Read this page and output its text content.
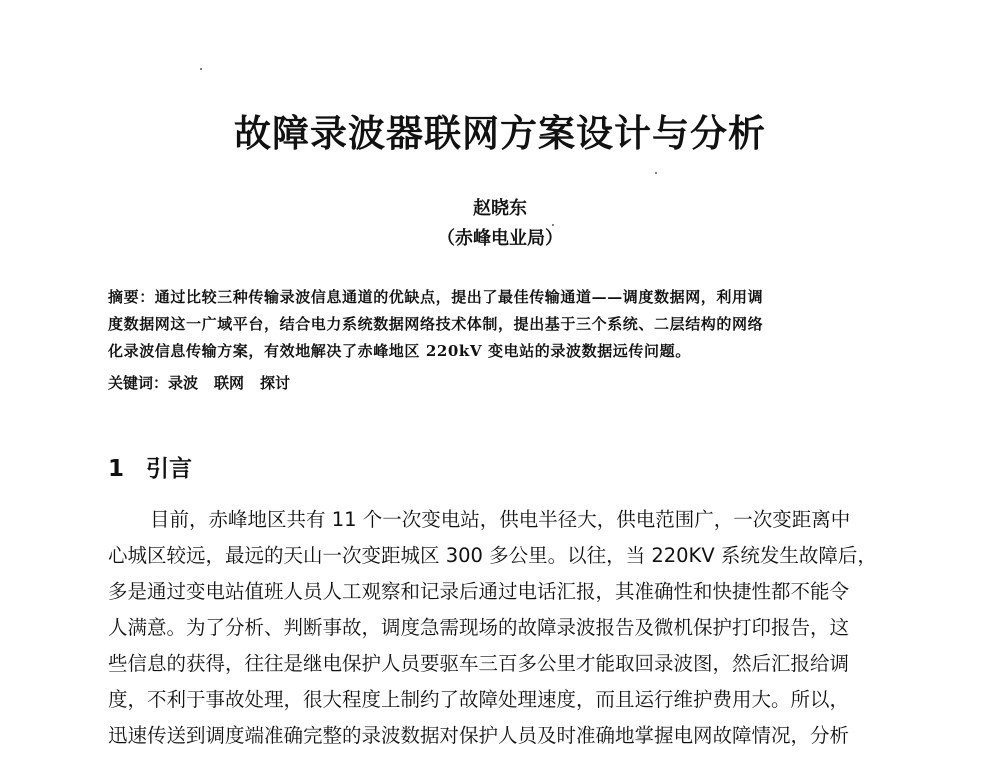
故障录波器联网方案设计与分析
赵晓东
（赤峰电业局）
摘要：通过比较三种传输录波信息通道的优缺点，提出了最佳传输通道——调度数据网，利用调
度数据网这一广域平台，结合电力系统数据网络技术体制，提出基于三个系统、二层结构的网络
化录波信息传输方案，有效地解决了赤峰地区 220kV 变电站的录波数据远传问题。
关键词：录波 联网 探讨
1 引言
目前，赤峰地区共有 11 个一次变电站，供电半径大，供电范围广，一次变距离中
心城区较远，最远的天山一次变距城区 300 多公里。以往，当 220KV 系统发生故障后，
多是通过变电站值班人员人工观察和记录后通过电话汇报，其准确性和快捷性都不能令
人满意。为了分析、判断事故，调度急需现场的故障录波报告及微机保护打印报告，这
些信息的获得，往往是继电保护人员要驱车三百多公里才能取回录波图，然后汇报给调
度，不利于事故处理，很大程度上制约了故障处理速度，而且运行维护费用大。所以，
迅速传送到调度端准确完整的录波数据对保护人员及时准确地掌握电网故障情况，分析
